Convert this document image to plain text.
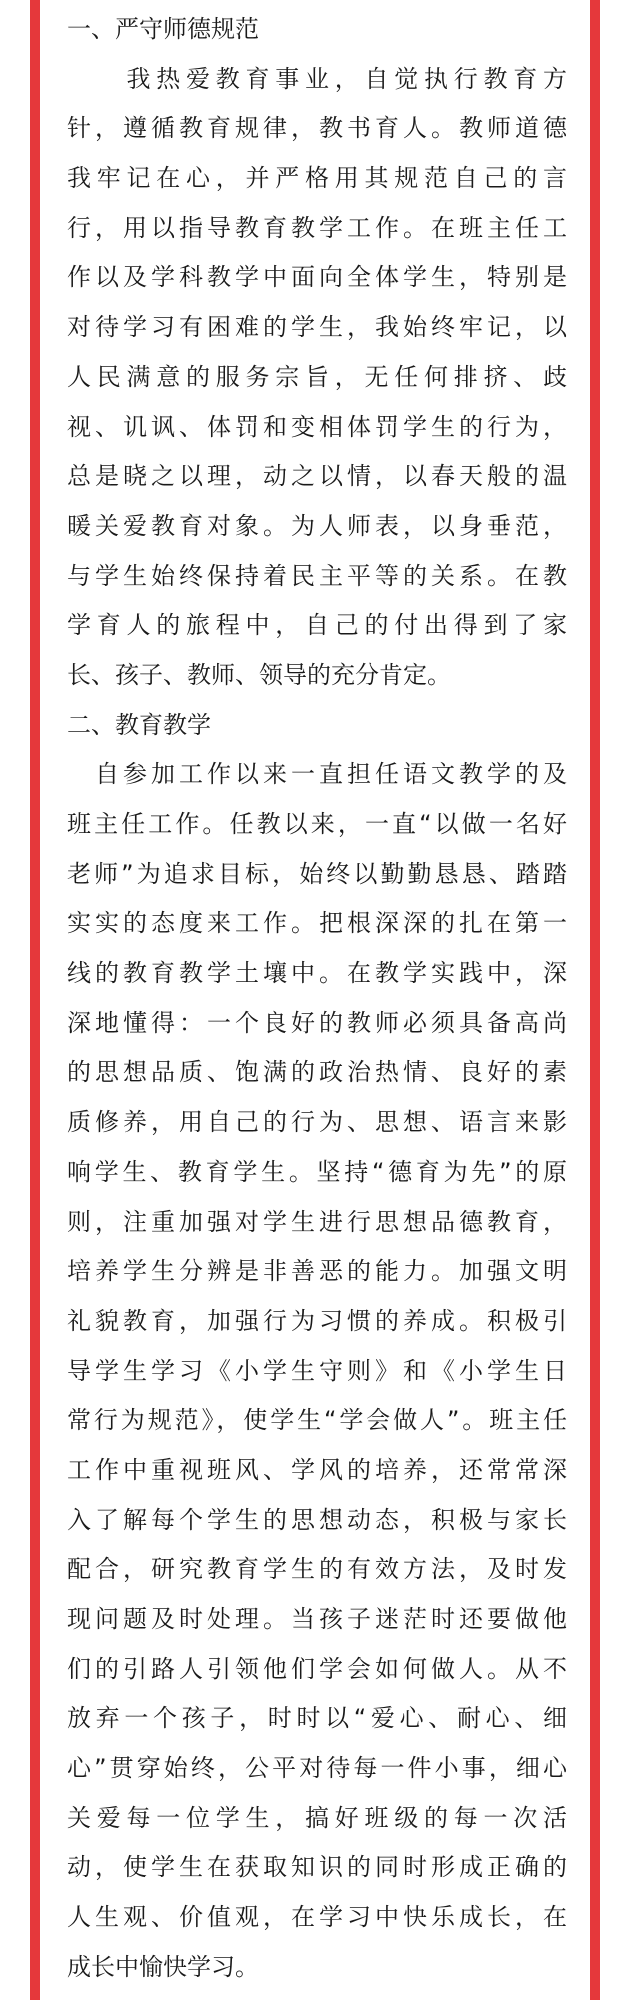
一、严守师德规范
　　我热爱教育事业，自觉执行教育方
针，遵循教育规律，教书育人。教师道德
我牢记在心，并严格用其规范自己的言
行，用以指导教育教学工作。在班主任工
作以及学科教学中面向全体学生，特别是
对待学习有困难的学生，我始终牢记，以
人民满意的服务宗旨，无任何排挤、歧
视、讥讽、体罚和变相体罚学生的行为，
总是晓之以理，动之以情，以春天般的温
暖关爱教育对象。为人师表，以身垂范，
与学生始终保持着民主平等的关系。在教
学育人的旅程中，自己的付出得到了家
长、孩子、教师、领导的充分肯定。
二、教育教学
　自参加工作以来一直担任语文教学的及
班主任工作。任教以来，一直“以做一名好
老师”为追求目标，始终以勤勤恳恳、踏踏
实实的态度来工作。把根深深的扎在第一
线的教育教学土壤中。在教学实践中，深
深地懂得：一个良好的教师必须具备高尚
的思想品质、饱满的政治热情、良好的素
质修养，用自己的行为、思想、语言来影
响学生、教育学生。坚持“德育为先”的原
则，注重加强对学生进行思想品德教育，
培养学生分辨是非善恶的能力。加强文明
礼貌教育，加强行为习惯的养成。积极引
导学生学习《小学生守则》和《小学生日
常行为规范》，使学生“学会做人”。班主任
工作中重视班风、学风的培养，还常常深
入了解每个学生的思想动态，积极与家长
配合，研究教育学生的有效方法，及时发
现问题及时处理。当孩子迷茫时还要做他
们的引路人引领他们学会如何做人。从不
放弃一个孩子，时时以“爱心、耐心、细
心”贯穿始终，公平对待每一件小事，细心
关爱每一位学生，搞好班级的每一次活
动，使学生在获取知识的同时形成正确的
人生观、价值观，在学习中快乐成长，在
成长中愉快学习。
